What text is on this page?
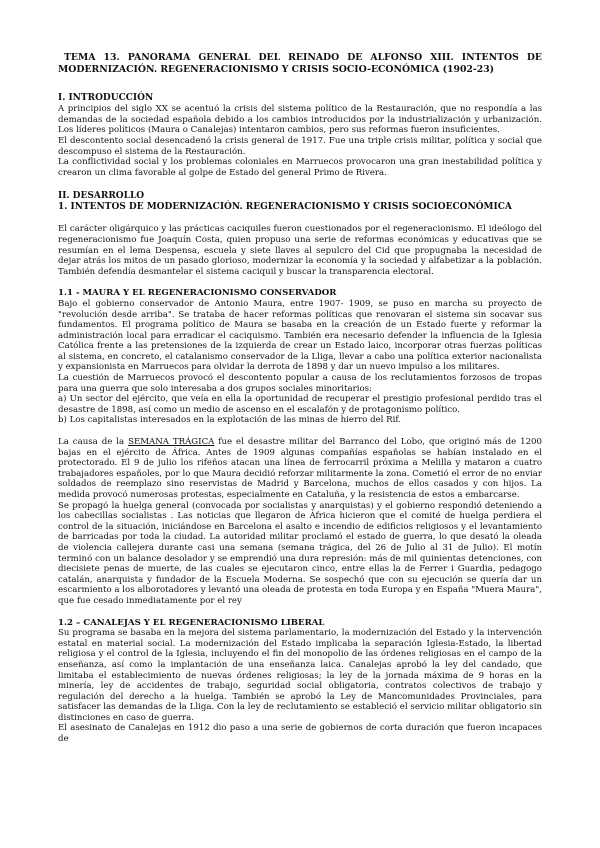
TEMA 13. PANORAMA GENERAL DEL REINADO DE ALFONSO XIII. INTENTOS DE MODERNIZACIÓN. REGENERACIONISMO Y CRISIS SOCIO-ECONÓMICA (1902-23)
I. INTRODUCCIÓN

A principios del siglo XX se acentuó la crisis del sistema político de la Restauración, que no respondía a las demandas de la sociedad española debido a los cambios introducidos por la industrialización y urbanización. Los líderes políticos (Maura o Canalejas) intentaron cambios, pero sus reformas fueron insuficientes.

El descontento social desencadenó la crisis general de 1917. Fue una triple crisis militar, política y social que descompuso el sistema de la Restauración.

La conflictividad social y los problemas coloniales en Marruecos provocaron una gran inestabilidad política y crearon un clima favorable al golpe de Estado del general Primo de Rivera.

II. DESARROLLO
1. INTENTOS DE MODERNIZACIÓN. REGENERACIONISMO Y CRISIS SOCIOECONÓMICA

El carácter oligárquico y las prácticas caciquiles fueron cuestionados por el regeneracionismo. El ideólogo del regeneracionismo fue Joaquín Costa, quien propuso una serie de reformas económicas y educativas que se resumían en el lema Despensa, escuela y siete llaves al sepulcro del Cid que propugnaba la necesidad de dejar atrás los mitos de un pasado glorioso, modernizar la economía y la sociedad y alfabetizar a la población. También defendía desmantelar el sistema caciquil y buscar la transparencia electoral.

1.1 - MAURA Y EL REGENERACIONISMO CONSERVADOR

Bajo el gobierno conservador de Antonio Maura, entre 1907- 1909, se puso en marcha su proyecto de "revolución desde arriba". Se trataba de hacer reformas políticas que renovaran el sistema sin socavar sus fundamentos. El programa político de Maura se basaba en la creación de un Estado fuerte y reformar la administración local para erradicar el caciquismo. También era necesario defender la influencia de la Iglesia Católica frente a las pretensiones de la izquierda de crear un Estado laico, incorporar otras fuerzas políticas al sistema, en concreto, el catalanismo conservador de la Lliga, llevar a cabo una política exterior nacionalista y expansionista en Marruecos para olvidar la derrota de 1898 y dar un nuevo impulso a los militares.

La cuestión de Marruecos provocó el descontento popular a causa de los reclutamientos forzosos de tropas para una guerra que solo interesaba a dos grupos sociales minoritarios:

a) Un sector del ejército, que veía en ella la oportunidad de recuperar el prestigio profesional perdido tras el desastre de 1898, así como un medio de ascenso en el escalafón y de protagonismo político.

b) Los capitalistas interesados en la explotación de las minas de hierro del Rif.

La causa de la SEMANA TRÁGICA fue el desastre militar del Barranco del Lobo, que originó más de 1200 bajas en el ejército de África. Antes de 1909 algunas compañías españolas se habían instalado en el protectorado. El 9 de julio los rifeños atacan una línea de ferrocarril próxima a Melilla y mataron a cuatro trabajadores españoles, por lo que Maura decidió reforzar militarmente la zona. Cometió el error de no enviar soldados de reemplazo sino reservistas de Madrid y Barcelona, muchos de ellos casados y con hijos. La medida provocó numerosas protestas, especialmente en Cataluña, y la resistencia de estos a embarcarse.

Se propagó la huelga general (convocada por socialistas y anarquistas) y el gobierno respondió deteniendo a los cabecillas socialistas . Las noticias que llegaron de África hicieron que el comité de huelga perdiera el control de la situación, iniciándose en Barcelona el asalto e incendio de edificios religiosos y el levantamiento de barricadas por toda la ciudad. La autoridad militar proclamó el estado de guerra, lo que desató la oleada de violencia callejera durante casi una semana (semana trágica, del 26 de Julio al 31 de Julio). El motín terminó con un balance desolador y se emprendió una dura represión: más de mil quinientas detenciones, con diecisiete penas de muerte, de las cuales se ejecutaron cinco, entre ellas la de Ferrer i Guardia, pedagogo catalán, anarquista y fundador de la Escuela Moderna. Se sospechó que con su ejecución se quería dar un escarmiento a los alborotadores y levantó una oleada de protesta en toda Europa y en España "Muera Maura", que fue cesado inmediatamente por el rey

1.2 – CANALEJAS Y EL REGENERACIONISMO LIBERAL

Su programa se basaba en la mejora del sistema parlamentario, la modernización del Estado y la intervención estatal en material social. La modernización del Estado implicaba la separación Iglesia-Estado, la libertad religiosa y el control de la Iglesia, incluyendo el fin del monopolio de las órdenes religiosas en el campo de la enseñanza, así como la implantación de una enseñanza laica. Canalejas aprobó la ley del candado, que limitaba el establecimiento de nuevas órdenes religiosas; la ley de la jornada máxima de 9 horas en la minería, ley de accidentes de trabajo, seguridad social obligatoria, contratos colectivos de trabajo y regulación del derecho a la huelga. También se aprobó la Ley de Mancomunidades Provinciales, para satisfacer las demandas de la Lliga. Con la ley de reclutamiento se estableció el servicio militar obligatorio sin distinciones en caso de guerra.

El asesinato de Canalejas en 1912 dio paso a una serie de gobiernos de corta duración que fueron incapaces de
